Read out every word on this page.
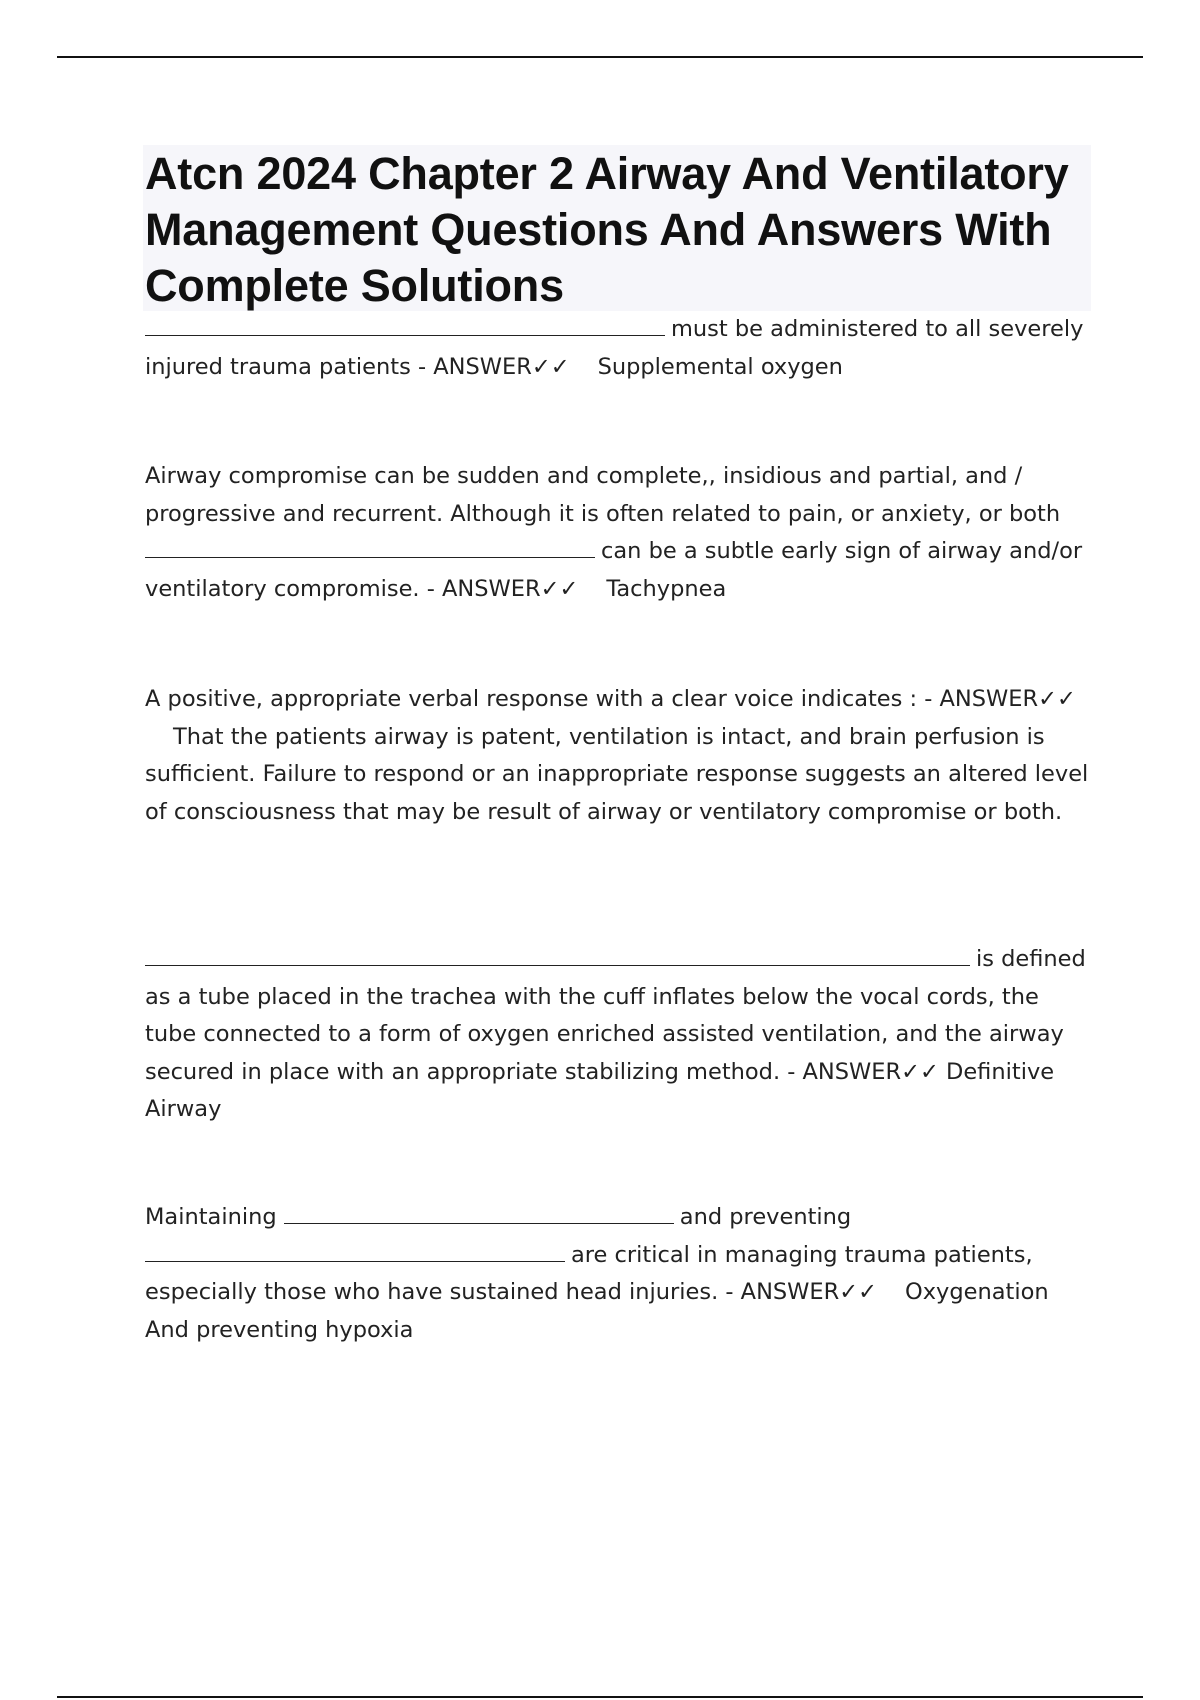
Atcn 2024 Chapter 2 Airway And Ventilatory Management Questions And Answers With Complete Solutions

must be administered to all severely injured trauma patients - ANSWER✓✓ Supplemental oxygen

Airway compromise can be sudden and complete,, insidious and partial, and / progressive and recurrent. Although it is often related to pain, or anxiety, or both can be a subtle early sign of airway and/or ventilatory compromise. - ANSWER✓✓ Tachypnea

A positive, appropriate verbal response with a clear voice indicates : - ANSWER✓✓That the patients airway is patent, ventilation is intact, and brain perfusion is sufficient. Failure to respond or an inappropriate response suggests an altered level of consciousness that may be result of airway or ventilatory compromise or both.

is defined as a tube placed in the trachea with the cuff inflates below the vocal cords, the tube connected to a form of oxygen enriched assisted ventilation, and the airway secured in place with an appropriate stabilizing method. - ANSWER✓✓ Definitive Airway

Maintaining	and preventing are critical in managing trauma patients, especially those who have sustained head injuries. - ANSWER✓✓ Oxygenation And preventing hypoxia
